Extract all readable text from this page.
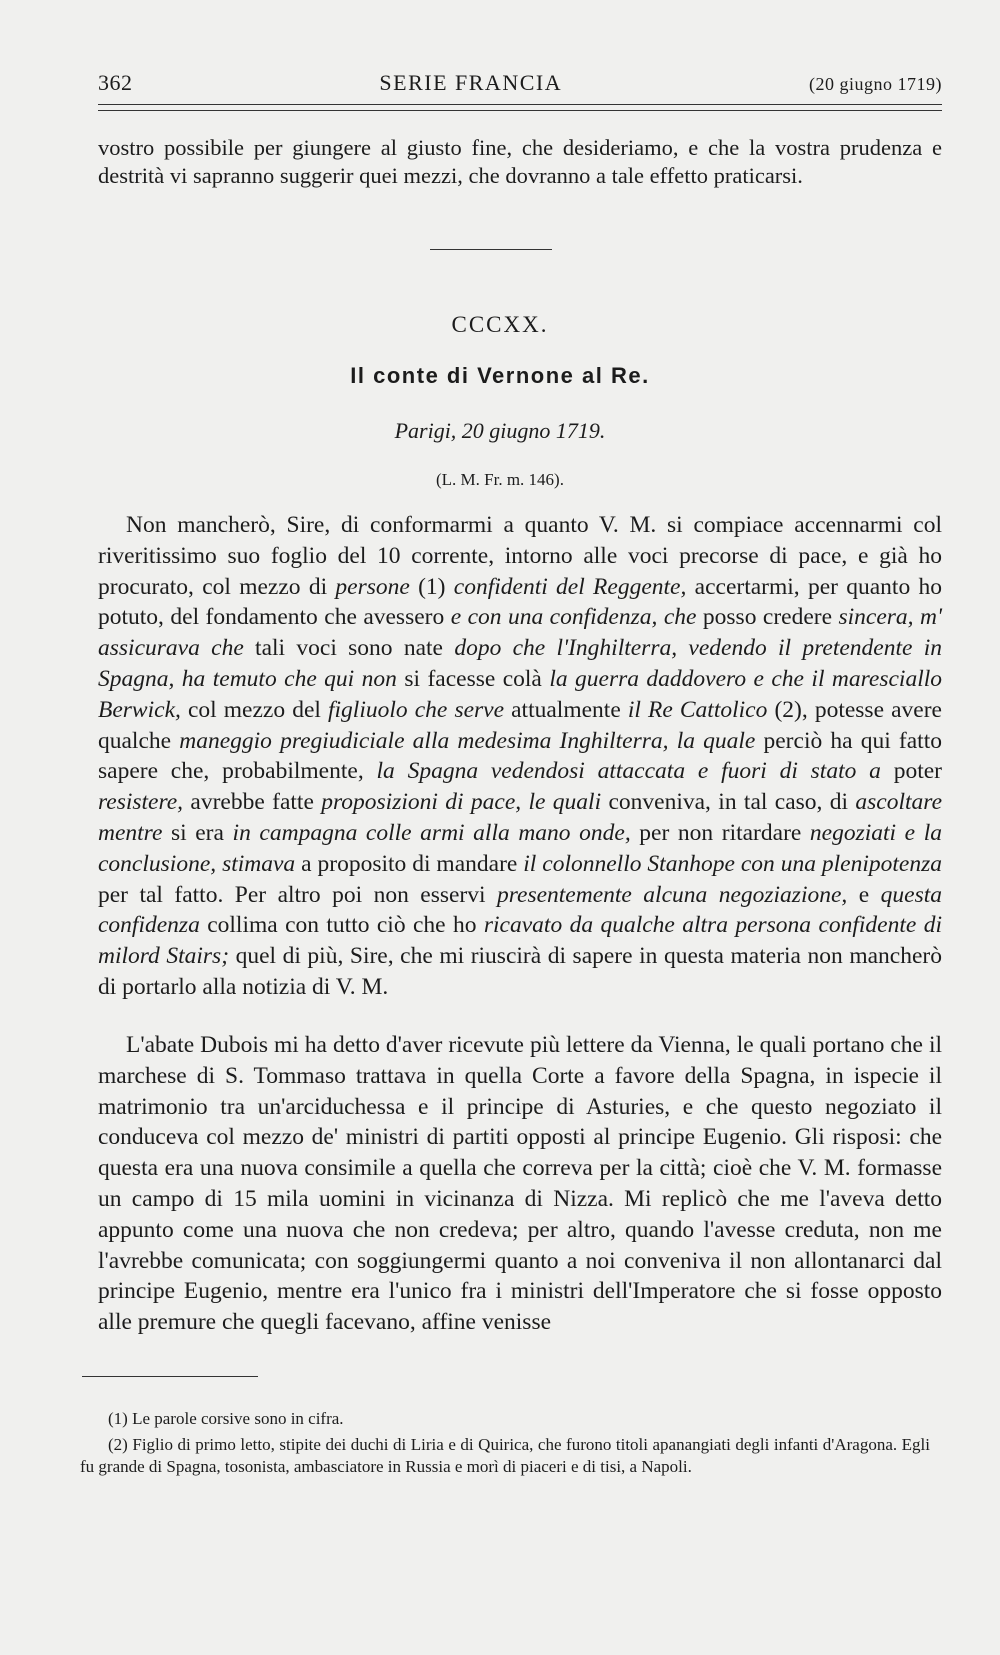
362	SERIE FRANCIA	(20 giugno 1719)

vostro possibile per giungere al giusto fine, che desideriamo, e che la vostra prudenza e destrità vi sapranno suggerir quei mezzi, che dovranno a tale effetto praticarsi.

CCCXX.
Il conte di Vernone al Re.
Parigi, 20 giugno 1719.
(L. M. Fr. m. 146).

Non mancherò, Sire, di conformarmi a quanto V. M. si compiace accennarmi col riveritissimo suo foglio del 10 corrente, intorno alle voci precorse di pace, e già ho procurato, col mezzo di persone (1) confidenti del Reggente, accertarmi, per quanto ho potuto, del fondamento che avessero e con una confidenza, che posso credere sincera, m' assicurava che tali voci sono nate dopo che l'Inghilterra, vedendo il pretendente in Spagna, ha temuto che qui non si facesse colà la guerra daddovero e che il maresciallo Berwick, col mezzo del figliuolo che serve attualmente il Re Cattolico (2), potesse avere qualche maneggio pregiudiciale alla medesima Inghilterra, la quale perciò ha qui fatto sapere che, probabilmente, la Spagna vedendosi attaccata e fuori di stato a poter resistere, avrebbe fatte proposizioni di pace, le quali conveniva, in tal caso, di ascoltare mentre si era in campagna colle armi alla mano onde, per non ritardare negoziati e la conclusione, stimava a proposito di mandare il colonnello Stanhope con una plenipotenza per tal fatto. Per altro poi non esservi presentemente alcuna negoziazione, e questa confidenza collima con tutto ciò che ho ricavato da qualche altra persona confidente di milord Stairs; quel di più, Sire, che mi riuscirà di sapere in questa materia non mancherò di portarlo alla notizia di V. M.

L'abate Dubois mi ha detto d'aver ricevute più lettere da Vienna, le quali portano che il marchese di S. Tommaso trattava in quella Corte a favore della Spagna, in ispecie il matrimonio tra un'arciduchessa e il principe di Asturies, e che questo negoziato il conduceva col mezzo de' ministri di partiti opposti al principe Eugenio. Gli risposi: che questa era una nuova consimile a quella che correva per la città; cioè che V. M. formasse un campo di 15 mila uomini in vicinanza di Nizza. Mi replicò che me l'aveva detto appunto come una nuova che non credeva; per altro, quando l'avesse creduta, non me l'avrebbe comunicata; con soggiungermi quanto a noi conveniva il non allontanarci dal principe Eugenio, mentre era l'unico fra i ministri dell'Imperatore che si fosse opposto alle premure che quegli facevano, affine venisse

(1) Le parole corsive sono in cifra.

(2) Figlio di primo letto, stipite dei duchi di Liria e di Quirica, che furono titoli apanangiati degli infanti d'Aragona. Egli fu grande di Spagna, tosonista, ambasciatore in Russia e morì di piaceri e di tisi, a Napoli.
